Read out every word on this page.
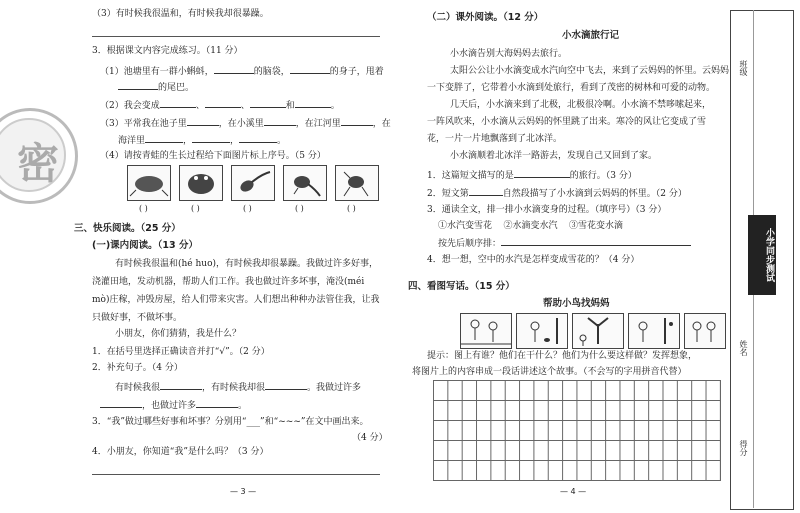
密
（3）有时候我很温和，有时候我却很暴躁。
3．根据课文内容完成练习。（11 分）
（1）池塘里有一群小蝌蚪，	的脑袋，	的身子，甩着
的尾巴。
（2）我会变成	、	、	和	。
（3）平常我在池子里	，在小溪里	，在江河里	，在
海洋里	，	，	。
（4）请按青蛙的生长过程给下面图片标上序号。（5 分）
( )	( )	( )	( )	( )
三、快乐阅读。（25 分）
(一)课内阅读。（13 分）
有时候我很温和(hé huo)，有时候我却很暴躁。我做过许多好事，
浇灌田地，发动机器，帮助人们工作。我也做过许多坏事，淹没(méi
mò)庄稼，冲毁房屋，给人们带来灾害。人们想出种种办法管住我，让我
只做好事，不做坏事。
小朋友，你们猜猜，我是什么？
1．在括号里选择正确读音并打“√”。（2 分）
2．补充句子。（4 分）
有时候我很	，有时候我却很	。我做过许多
，也做过许多	。
3．“我”做过哪些好事和坏事？分别用“___”和“~~~”在文中画出来。
（4 分）
4．小朋友，你知道“我”是什么吗？（3 分）
— 3 —
（二）课外阅读。（12 分）
小水滴旅行记
小水滴告别大海妈妈去旅行。
太阳公公让小水滴变成水汽向空中飞去，来到了云妈妈的怀里。云妈妈
一下变胖了，它带着小水滴到处旅行，看到了茂密的树林和可爱的动物。
几天后，小水滴来到了北极，北极很冷啊。小水滴不禁哆嗦起来，
一阵风吹来，小水滴从云妈妈的怀里跳了出来。寒冷的风让它变成了雪
花，一片一片地飘落到了北冰洋。
小水滴顺着北冰洋一路游去，发现自己又回到了家。
1．这篇短文描写的是	的旅行。（3 分）
2．短文第	自然段描写了小水滴到云妈妈的怀里。（2 分）
3．通读全文，排一排小水滴变身的过程。（填序号）（3 分）
①水汽变雪花 ②水滴变水汽 ③雪花变水滴
按先后顺序排：
4．想一想，空中的水汽是怎样变成雪花的？（4 分）
四、看图写话。（15 分）
帮助小鸟找妈妈
提示：图上有谁？他们在干什么？他们为什么要这样做？发挥想象，
将图片上的内容串成一段话讲述这个故事。（不会写的字用拼音代替）
— 4 —
班级
姓名
得分
小学同步测试
